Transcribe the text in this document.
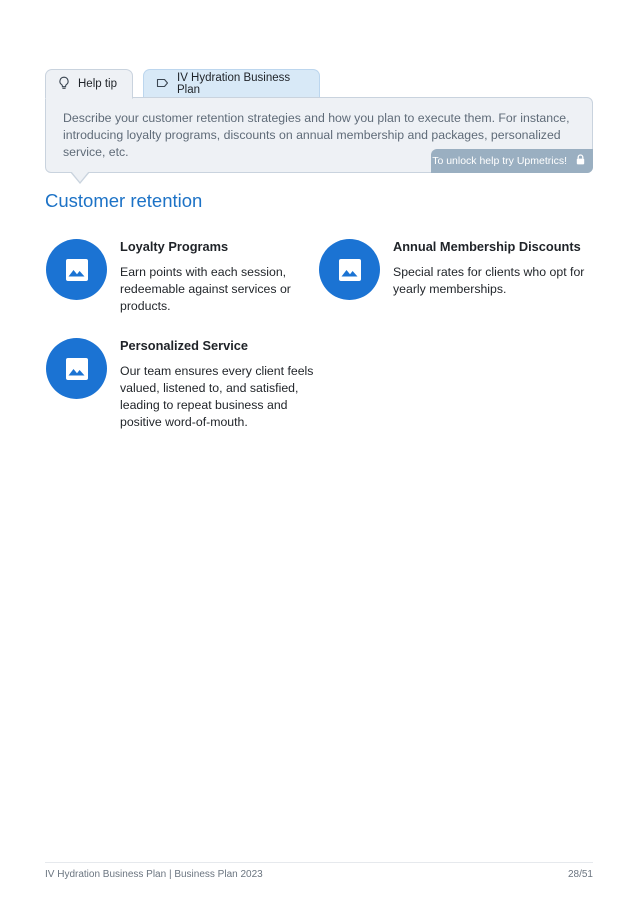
Help tip	IV Hydration Business Plan

Describe your customer retention strategies and how you plan to execute them. For instance, introducing loyalty programs, discounts on annual membership and packages, personalized service, etc.

To unlock help try Upmetrics!
Customer retention

Loyalty Programs

Earn points with each session, redeemable against services or products.

Annual Membership Discounts

Special rates for clients who opt for yearly memberships.

Personalized Service

Our team ensures every client feels valued, listened to, and satisfied, leading to repeat business and positive word-of-mouth.

IV Hydration Business Plan | Business Plan 2023	28/51
